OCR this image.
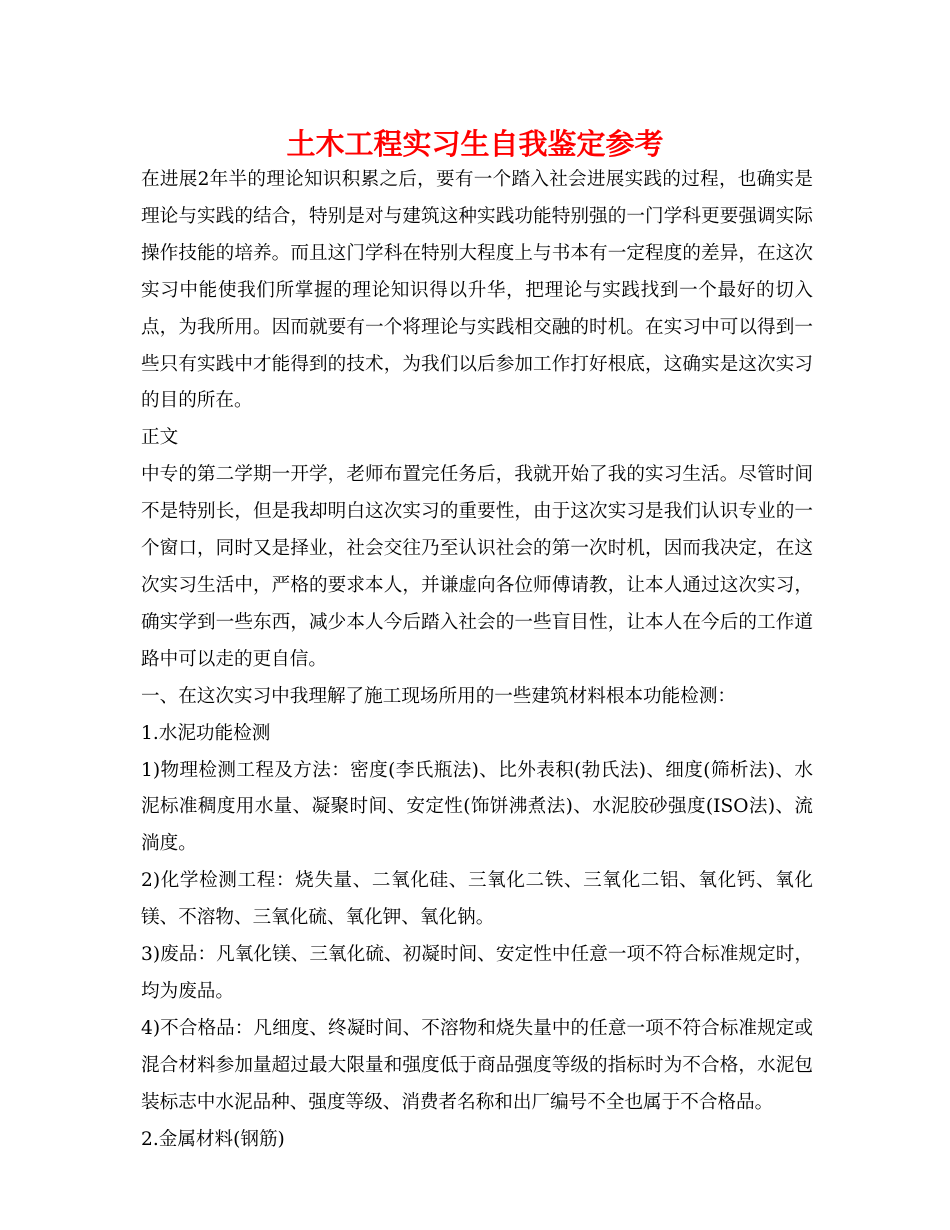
土木工程实习生自我鉴定参考

在进展2年半的理论知识积累之后，要有一个踏入社会进展实践的过程，也确实是理论与实践的结合，特别是对与建筑这种实践功能特别强的一门学科更要强调实际操作技能的培养。而且这门学科在特别大程度上与书本有一定程度的差异，在这次实习中能使我们所掌握的理论知识得以升华，把理论与实践找到一个最好的切入点，为我所用。因而就要有一个将理论与实践相交融的时机。在实习中可以得到一些只有实践中才能得到的技术，为我们以后参加工作打好根底，这确实是这次实习的目的所在。

正文

中专的第二学期一开学，老师布置完任务后，我就开始了我的实习生活。尽管时间不是特别长，但是我却明白这次实习的重要性，由于这次实习是我们认识专业的一个窗口，同时又是择业，社会交往乃至认识社会的第一次时机，因而我决定，在这次实习生活中，严格的要求本人，并谦虚向各位师傅请教，让本人通过这次实习，确实学到一些东西，减少本人今后踏入社会的一些盲目性，让本人在今后的工作道路中可以走的更自信。

一、在这次实习中我理解了施工现场所用的一些建筑材料根本功能检测：

1.水泥功能检测

1)物理检测工程及方法：密度(李氏瓶法)、比外表积(勃氏法)、细度(筛析法)、水泥标准稠度用水量、凝聚时间、安定性(饰饼沸煮法)、水泥胶砂强度(ISO法)、流淌度。

2)化学检测工程：烧失量、二氧化硅、三氧化二铁、三氧化二铝、氧化钙、氧化镁、不溶物、三氧化硫、氧化钾、氧化钠。

3)废品：凡氧化镁、三氧化硫、初凝时间、安定性中任意一项不符合标准规定时，均为废品。

4)不合格品：凡细度、终凝时间、不溶物和烧失量中的任意一项不符合标准规定或混合材料参加量超过最大限量和强度低于商品强度等级的指标时为不合格，水泥包装标志中水泥品种、强度等级、消费者名称和出厂编号不全也属于不合格品。

2.金属材料(钢筋)
